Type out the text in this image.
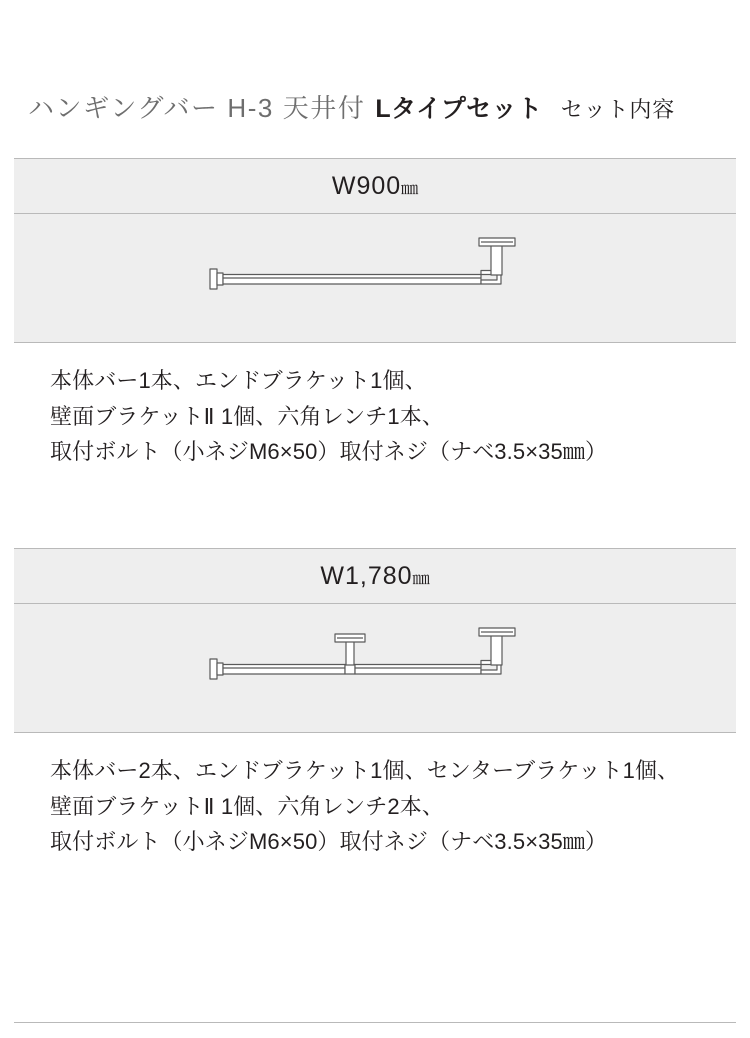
ハンギングバー H-3 天井付 Lタイプセット セット内容
W900㎜
本体バー1本、エンドブラケット1個、
壁面ブラケットⅡ 1個、六角レンチ1本、
取付ボルト（小ネジM6×50）取付ネジ（ナベ3.5×35㎜）
W1,780㎜
本体バー2本、エンドブラケット1個、センターブラケット1個、
壁面ブラケットⅡ 1個、六角レンチ2本、
取付ボルト（小ネジM6×50）取付ネジ（ナベ3.5×35㎜）
